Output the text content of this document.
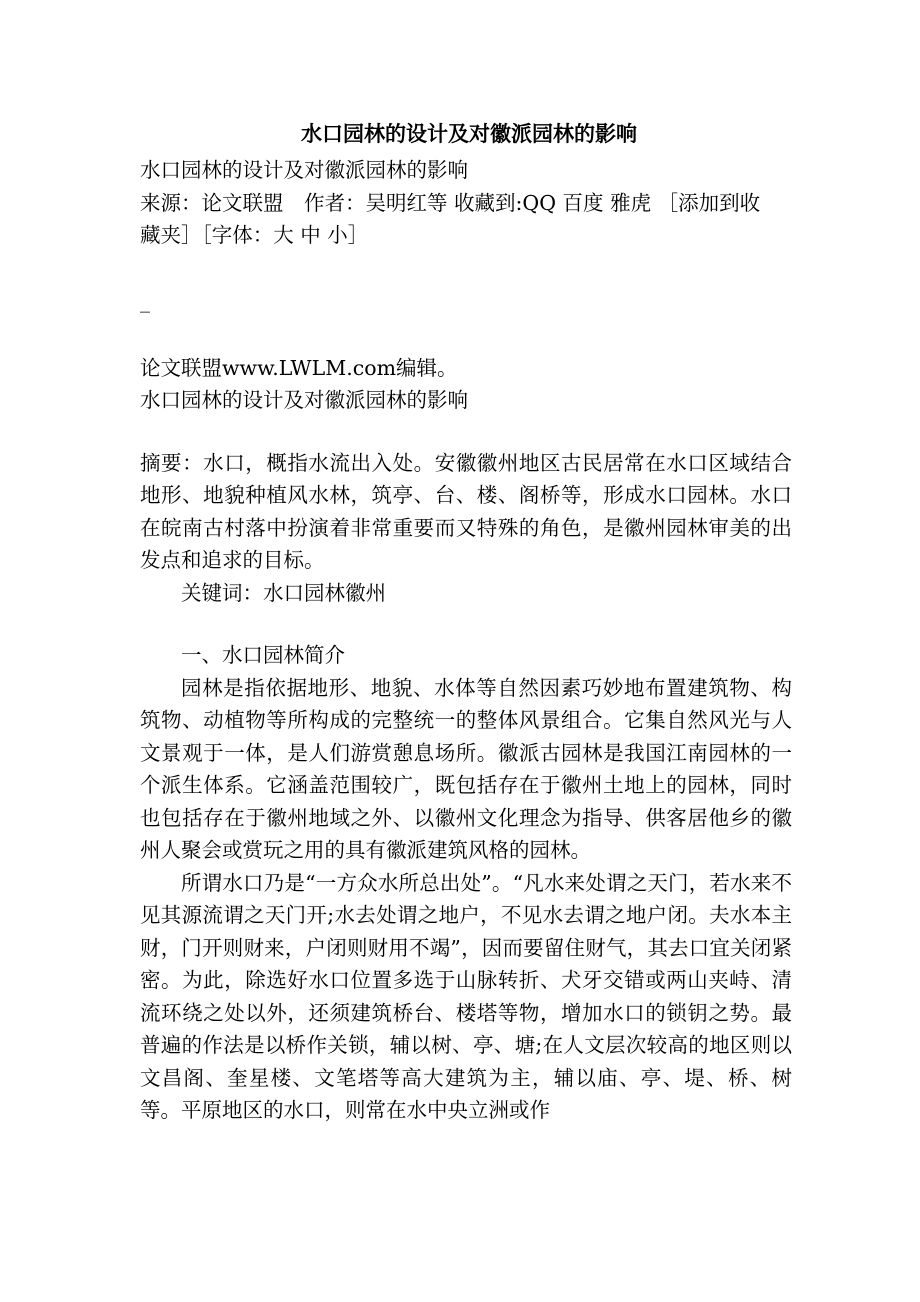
水口园林的设计及对徽派园林的影响

水口园林的设计及对徽派园林的影响

来源：论文联盟　作者：吴明红等 收藏到:QQ 百度 雅虎 ［添加到收

藏夹］［字体：大 中 小］

_

论文联盟www.LWLM.com编辑。

水口园林的设计及对徽派园林的影响

摘要：水口，概指水流出入处。安徽徽州地区古民居常在水口区域结合地形、地貌种植风水林，筑亭、台、楼、阁桥等，形成水口园林。水口在皖南古村落中扮演着非常重要而又特殊的角色，是徽州园林审美的出发点和追求的目标。

关键词：水口园林徽州

一、水口园林简介

园林是指依据地形、地貌、水体等自然因素巧妙地布置建筑物、构筑物、动植物等所构成的完整统一的整体风景组合。它集自然风光与人文景观于一体，是人们游赏憩息场所。徽派古园林是我国江南园林的一个派生体系。它涵盖范围较广，既包括存在于徽州土地上的园林，同时也包括存在于徽州地域之外、以徽州文化理念为指导、供客居他乡的徽州人聚会或赏玩之用的具有徽派建筑风格的园林。

所谓水口乃是“一方众水所总出处”。“凡水来处谓之天门，若水来不见其源流谓之天门开;水去处谓之地户，不见水去谓之地户闭。夫水本主财，门开则财来，户闭则财用不竭”，因而要留住财气，其去口宜关闭紧密。为此，除选好水口位置多选于山脉转折、犬牙交错或两山夹峙、清流环绕之处以外，还须建筑桥台、楼塔等物，增加水口的锁钥之势。最普遍的作法是以桥作关锁，辅以树、亭、塘;在人文层次较高的地区则以文昌阁、奎星楼、文笔塔等高大建筑为主，辅以庙、亭、堤、桥、树等。平原地区的水口，则常在水中央立洲或作
